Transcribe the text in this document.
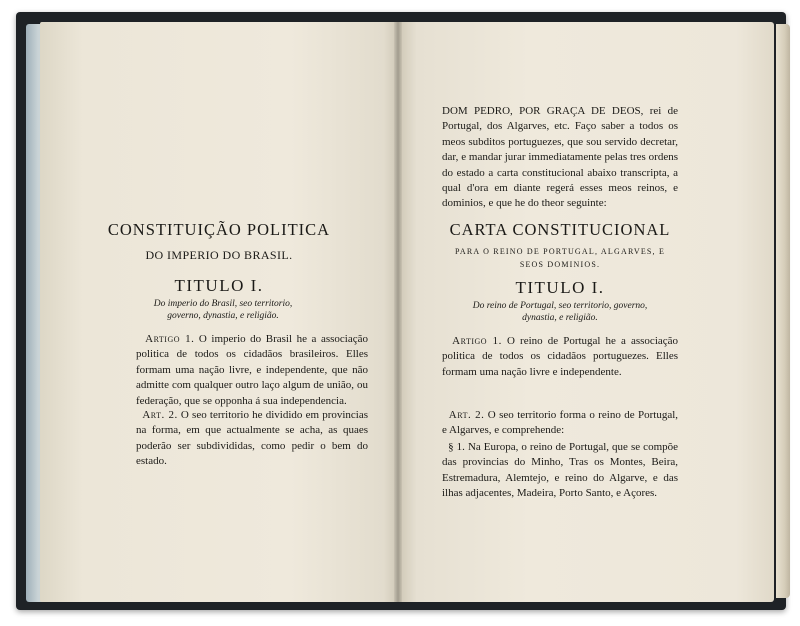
CONSTITUIÇÃO POLITICA

DO IMPERIO DO BRASIL.

TITULO I.

Do imperio do Brasil, seo territorio, governo, dynastia, e religião.

Artigo 1. O imperio do Brasil he a associação politica de todos os cidadãos brasileiros. Elles formam uma nação livre, e independente, que não admitte com qualquer outro laço algum de união, ou federação, que se opponha á sua independencia.

Art. 2. O seo territorio he dividido em provincias na forma, em que actualmente se acha, as quaes poderão ser subdivididas, como pedir o bem do estado.

DOM PEDRO, POR GRAÇA DE DEOS, rei de Portugal, dos Algarves, etc. Faço saber a todos os meos subditos portuguezes, que sou servido decretar, dar, e mandar jurar immediatamente pelas tres ordens do estado a carta constitucional abaixo transcripta, a qual d'ora em diante regerá esses meos reinos, e dominios, e que he do theor seguinte:

CARTA CONSTITUCIONAL

PARA O REINO DE PORTUGAL, ALGARVES, E SEOS DOMINIOS.

TITULO I.

Do reino de Portugal, seo territorio, governo, dynastia, e religião.

Artigo 1. O reino de Portugal he a associação politica de todos os cidadãos portuguezes. Elles formam uma nação livre e independente.

Art. 2. O seo territorio forma o reino de Portugal, e Algarves, e comprehende:

§ 1. Na Europa, o reino de Portugal, que se compõe das provincias do Minho, Tras os Montes, Beira, Estremadura, Alemtejo, e reino do Algarve, e das ilhas adjacentes, Madeira, Porto Santo, e Açores.
